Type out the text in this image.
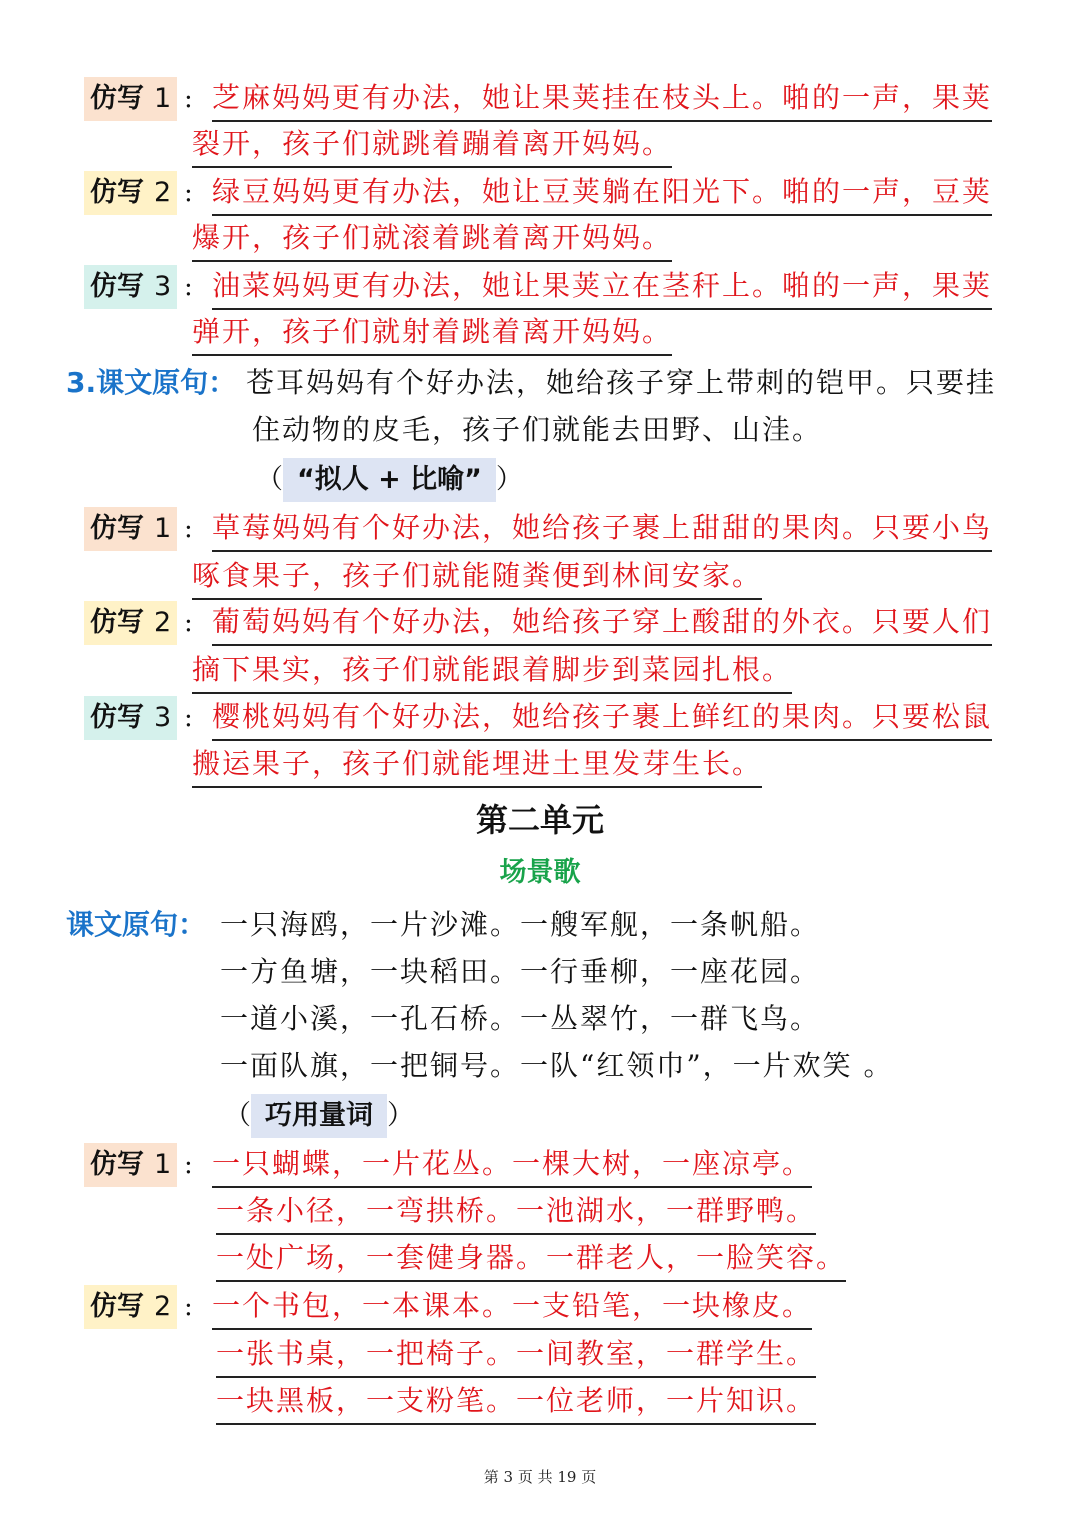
仿写 1 : 芝麻妈妈更有办法，她让果荚挂在枝头上。啪的一声，果荚
裂开，孩子们就跳着蹦着离开妈妈。
仿写 2 : 绿豆妈妈更有办法，她让豆荚躺在阳光下。啪的一声，豆荚
爆开，孩子们就滚着跳着离开妈妈。
仿写 3 : 油菜妈妈更有办法，她让果荚立在茎秆上。啪的一声，果荚
弹开，孩子们就射着跳着离开妈妈。
3.课文原句： 苍耳妈妈有个好办法，她给孩子穿上带刺的铠甲。只要挂
住动物的皮毛，孩子们就能去田野、山洼。
（ “拟人 + 比喻” ）
仿写 1 : 草莓妈妈有个好办法，她给孩子裹上甜甜的果肉。只要小鸟
啄食果子，孩子们就能随粪便到林间安家。
仿写 2 : 葡萄妈妈有个好办法，她给孩子穿上酸甜的外衣。只要人们
摘下果实，孩子们就能跟着脚步到菜园扎根。
仿写 3 : 樱桃妈妈有个好办法，她给孩子裹上鲜红的果肉。只要松鼠
搬运果子，孩子们就能埋进土里发芽生长。
第二单元
场景歌
课文原句： 一只海鸥，一片沙滩。一艘军舰，一条帆船。
一方鱼塘，一块稻田。一行垂柳，一座花园。
一道小溪，一孔石桥。一丛翠竹，一群飞鸟。
一面队旗，一把铜号。一队“红领巾”，一片欢笑 。
（ 巧用量词 ）
仿写 1 : 一只蝴蝶，一片花丛。一棵大树，一座凉亭。
一条小径，一弯拱桥。一池湖水，一群野鸭。
一处广场，一套健身器。一群老人，一脸笑容。
仿写 2 : 一个书包，一本课本。一支铅笔，一块橡皮。
一张书桌，一把椅子。一间教室，一群学生。
一块黑板，一支粉笔。一位老师，一片知识。
第 3 页 共 19 页
